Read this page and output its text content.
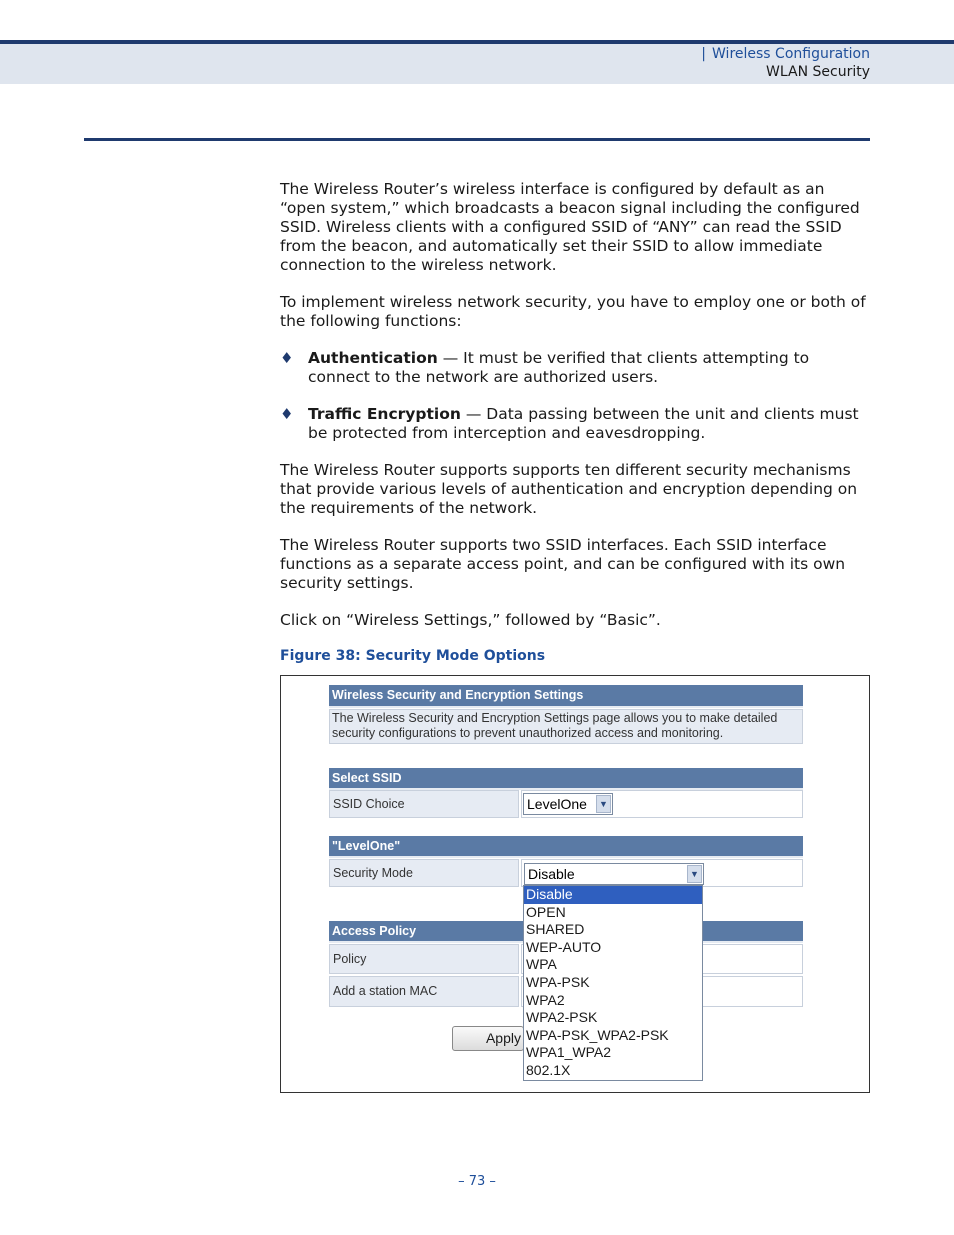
| Wireless Configuration
WLAN Security

The Wireless Router’s wireless interface is configured by default as an “open system,” which broadcasts a beacon signal including the configured SSID. Wireless clients with a configured SSID of “ANY” can read the SSID from the beacon, and automatically set their SSID to allow immediate connection to the wireless network.

To implement wireless network security, you have to employ one or both of the following functions:

♦ Authentication — It must be verified that clients attempting to connect to the network are authorized users.
♦ Traffic Encryption — Data passing between the unit and clients must be protected from interception and eavesdropping.

The Wireless Router supports supports ten different security mechanisms that provide various levels of authentication and encryption depending on the requirements of the network.

The Wireless Router supports two SSID interfaces. Each SSID interface functions as a separate access point, and can be configured with its own security settings.

Click on “Wireless Settings,” followed by “Basic”.

Figure 38: Security Mode Options
Wireless Security and Encryption Settings
The Wireless Security and Encryption Settings page allows you to make detailed security configurations to prevent unauthorized access and monitoring.
Select SSID
SSID Choice	LevelOne	▼
"LevelOne"
Security Mode	Disable	▼
Access Policy
Policy
Add a station MAC
Apply
Disable
OPEN
SHARED
WEP-AUTO
WPA
WPA-PSK
WPA2
WPA2-PSK
WPA-PSK_WPA2-PSK
WPA1_WPA2
802.1X
– 73 –
